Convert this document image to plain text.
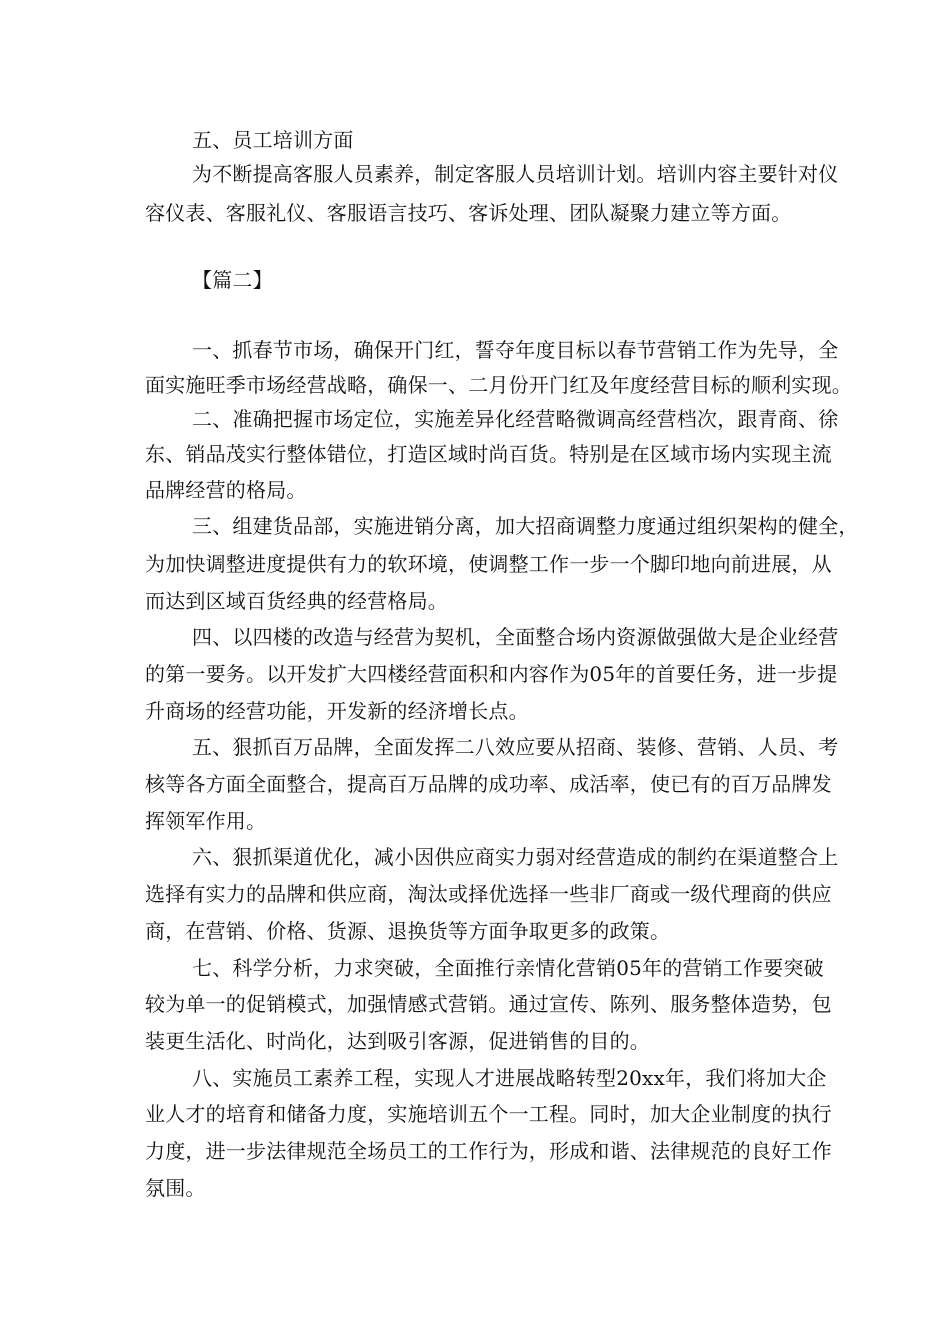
五、员工培训方面
为不断提高客服人员素养，制定客服人员培训计划。培训内容主要针对仪
容仪表、客服礼仪、客服语言技巧、客诉处理、团队凝聚力建立等方面。
【篇二】
一、抓春节市场，确保开门红，誓夺年度目标以春节营销工作为先导，全
面实施旺季市场经营战略，确保一、二月份开门红及年度经营目标的顺利实现。
二、准确把握市场定位，实施差异化经营略微调高经营档次，跟青商、徐
东、销品茂实行整体错位，打造区域时尚百货。特别是在区域市场内实现主流
品牌经营的格局。
三、组建货品部，实施进销分离，加大招商调整力度通过组织架构的健全，
为加快调整进度提供有力的软环境，使调整工作一步一个脚印地向前进展，从
而达到区域百货经典的经营格局。
四、以四楼的改造与经营为契机，全面整合场内资源做强做大是企业经营
的第一要务。以开发扩大四楼经营面积和内容作为05年的首要任务，进一步提
升商场的经营功能，开发新的经济增长点。
五、狠抓百万品牌，全面发挥二八效应要从招商、装修、营销、人员、考
核等各方面全面整合，提高百万品牌的成功率、成活率，使已有的百万品牌发
挥领军作用。
六、狠抓渠道优化，减小因供应商实力弱对经营造成的制约在渠道整合上
选择有实力的品牌和供应商，淘汰或择优选择一些非厂商或一级代理商的供应
商，在营销、价格、货源、退换货等方面争取更多的政策。
七、科学分析，力求突破，全面推行亲情化营销05年的营销工作要突破
较为单一的促销模式，加强情感式营销。通过宣传、陈列、服务整体造势，包
装更生活化、时尚化，达到吸引客源，促进销售的目的。
八、实施员工素养工程，实现人才进展战略转型20xx年，我们将加大企
业人才的培育和储备力度，实施培训五个一工程。同时，加大企业制度的执行
力度，进一步法律规范全场员工的工作行为，形成和谐、法律规范的良好工作
氛围。
